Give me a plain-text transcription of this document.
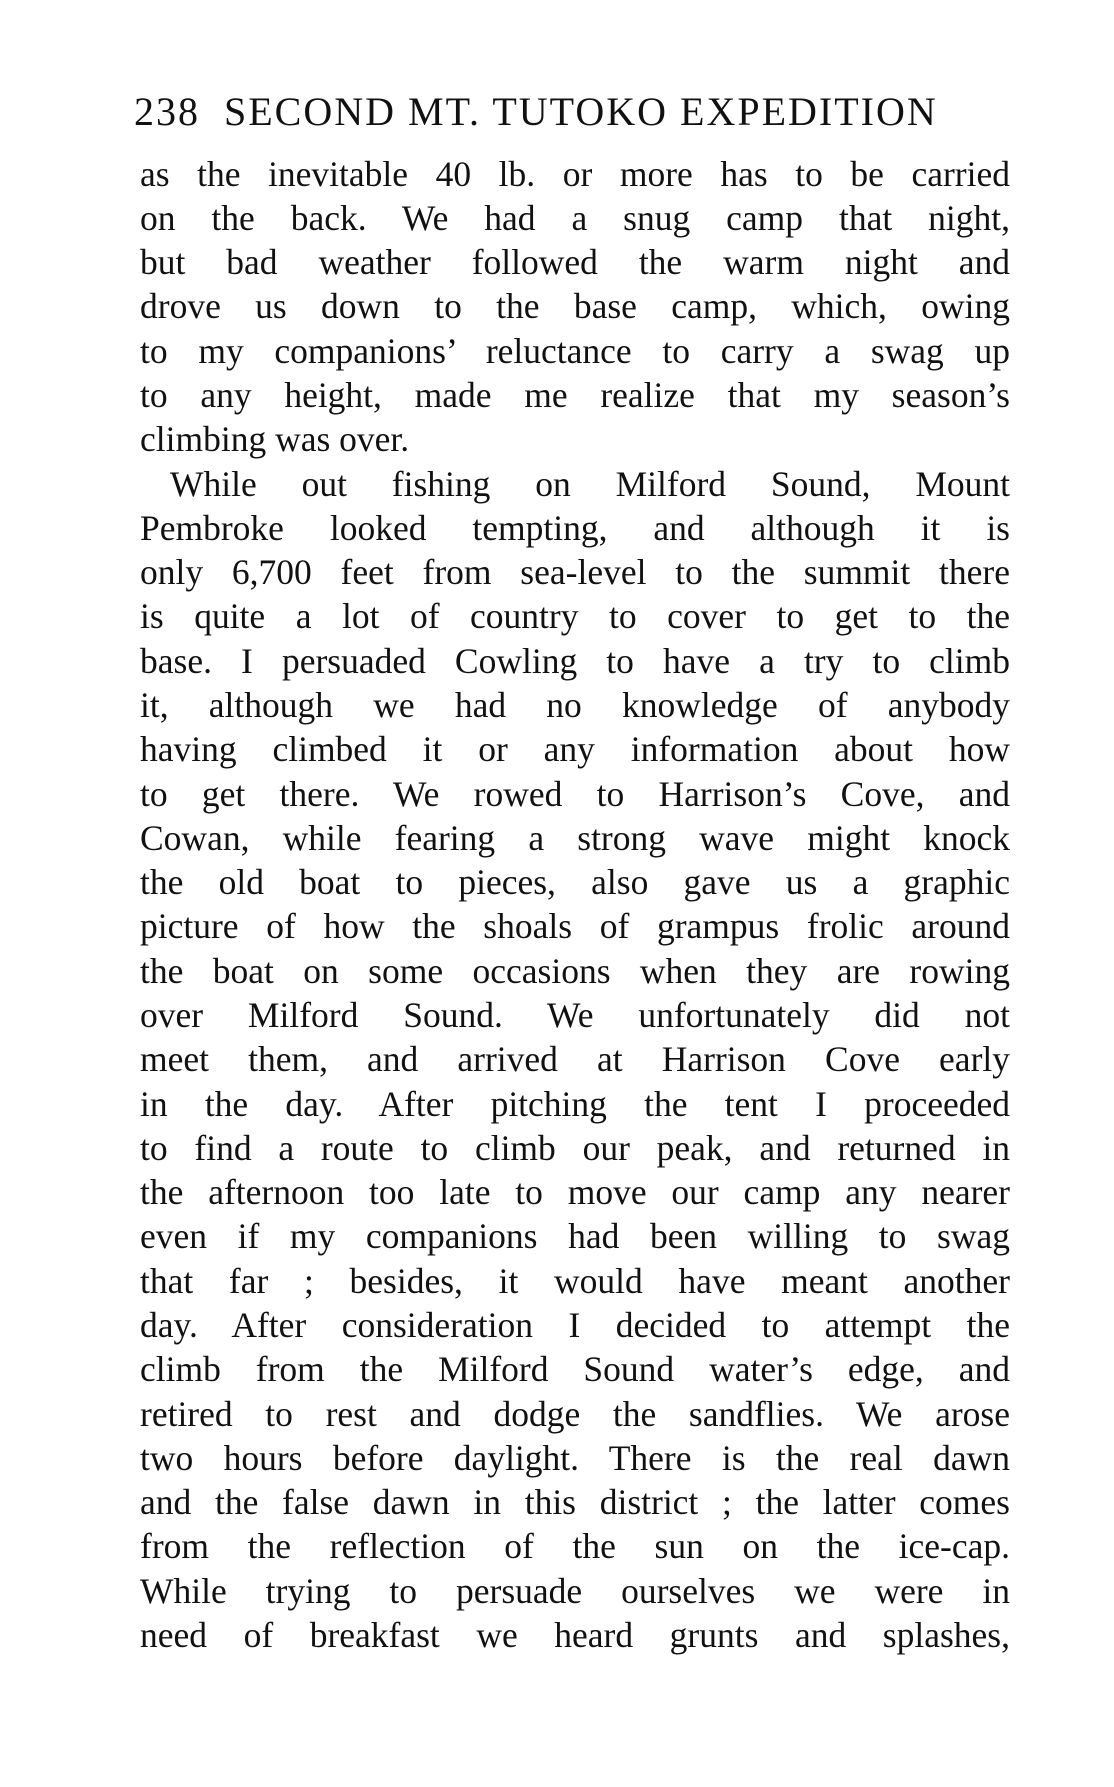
238 SECOND MT. TUTOKO EXPEDITION
as the inevitable 40 lb. or more has to be carried
on the back. We had a snug camp that night,
but bad weather followed the warm night and
drove us down to the base camp, which, owing
to my companions’ reluctance to carry a swag up
to any height, made me realize that my season’s
climbing was over.
While out fishing on Milford Sound, Mount
Pembroke looked tempting, and although it is
only 6,700 feet from sea-level to the summit there
is quite a lot of country to cover to get to the
base. I persuaded Cowling to have a try to climb
it, although we had no knowledge of anybody
having climbed it or any information about how
to get there. We rowed to Harrison’s Cove, and
Cowan, while fearing a strong wave might knock
the old boat to pieces, also gave us a graphic
picture of how the shoals of grampus frolic around
the boat on some occasions when they are rowing
over Milford Sound. We unfortunately did not
meet them, and arrived at Harrison Cove early
in the day. After pitching the tent I proceeded
to find a route to climb our peak, and returned in
the afternoon too late to move our camp any nearer
even if my companions had been willing to swag
that far ; besides, it would have meant another
day. After consideration I decided to attempt the
climb from the Milford Sound water’s edge, and
retired to rest and dodge the sandflies. We arose
two hours before daylight. There is the real dawn
and the false dawn in this district ; the latter comes
from the reflection of the sun on the ice-cap.
While trying to persuade ourselves we were in
need of breakfast we heard grunts and splashes,
